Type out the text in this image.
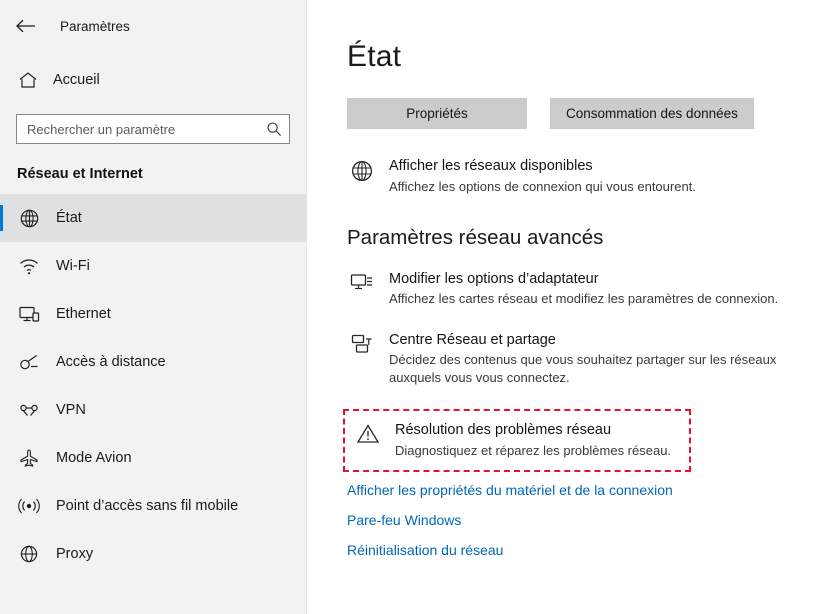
Paramètres
Accueil
Rechercher un paramètre
Réseau et Internet
État
Wi-Fi
Ethernet
Accès à distance
VPN
Mode Avion
Point d’accès sans fil mobile
Proxy
État
Propriétés	Consommation des données
Afficher les réseaux disponibles
Affichez les options de connexion qui vous entourent.
Paramètres réseau avancés
Modifier les options d’adaptateur
Affichez les cartes réseau et modifiez les paramètres de connexion.
Centre Réseau et partage
Décidez des contenus que vous souhaitez partager sur les réseaux auxquels vous vous connectez.
Résolution des problèmes réseau
Diagnostiquez et réparez les problèmes réseau.
Afficher les propriétés du matériel et de la connexion
Pare-feu Windows
Réinitialisation du réseau
